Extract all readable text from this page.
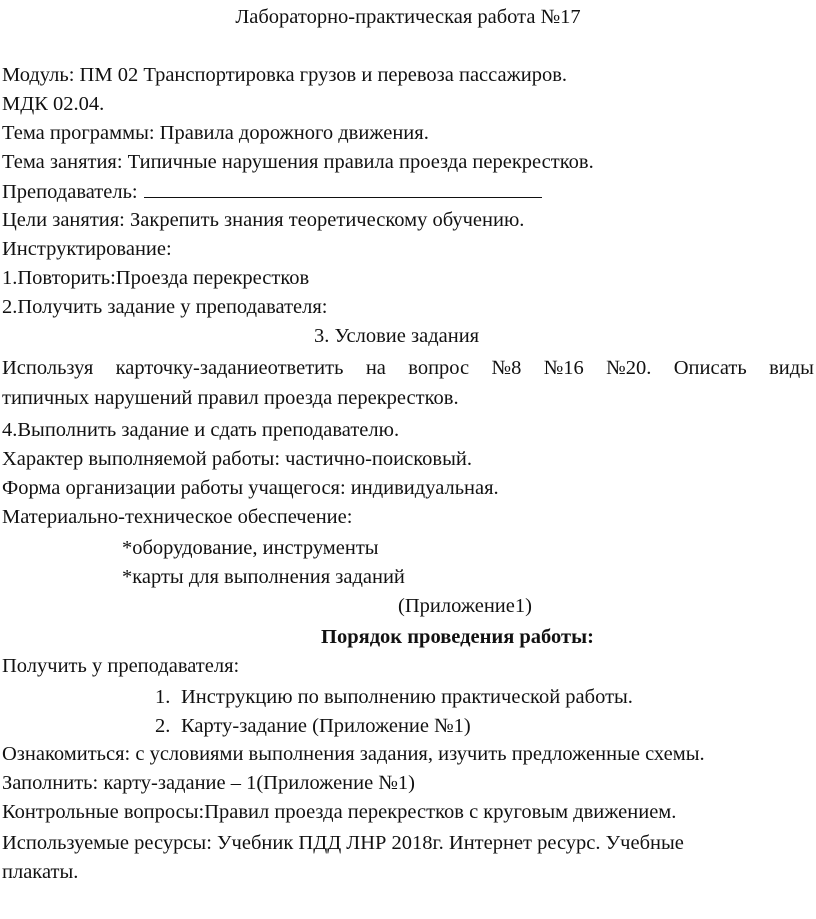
Лабораторно-практическая работа №17
Модуль: ПМ 02 Транспортировка грузов и перевоза пассажиров.
МДК 02.04.
Тема программы: Правила дорожного движения.
Тема занятия: Типичные нарушения правила проезда перекрестков.
Преподаватель:
Цели занятия: Закрепить знания теоретическому обучению.
Инструктирование:
1.Повторить:Проезда перекрестков
2.Получить задание у преподавателя:
3. Условие задания
Используя карточку-заданиеответить на вопрос №8 №16 №20. Описать виды
типичных нарушений правил проезда перекрестков.
4.Выполнить задание и сдать преподавателю.
Характер выполняемой работы: частично-поисковый.
Форма организации работы учащегося: индивидуальная.
Материально-техническое обеспечение:
*оборудование, инструменты
*карты для выполнения заданий
(Приложение1)
Порядок проведения работы:
Получить у преподавателя:
1. Инструкцию по выполнению практической работы.
2. Карту-задание (Приложение №1)
Ознакомиться: с условиями выполнения задания, изучить предложенные схемы.
Заполнить: карту-задание – 1(Приложение №1)
Контрольные вопросы:Правил проезда перекрестков с круговым движением.
Используемые ресурсы: Учебник ПДД ЛНР 2018г. Интернет ресурс. Учебные
плакаты.
